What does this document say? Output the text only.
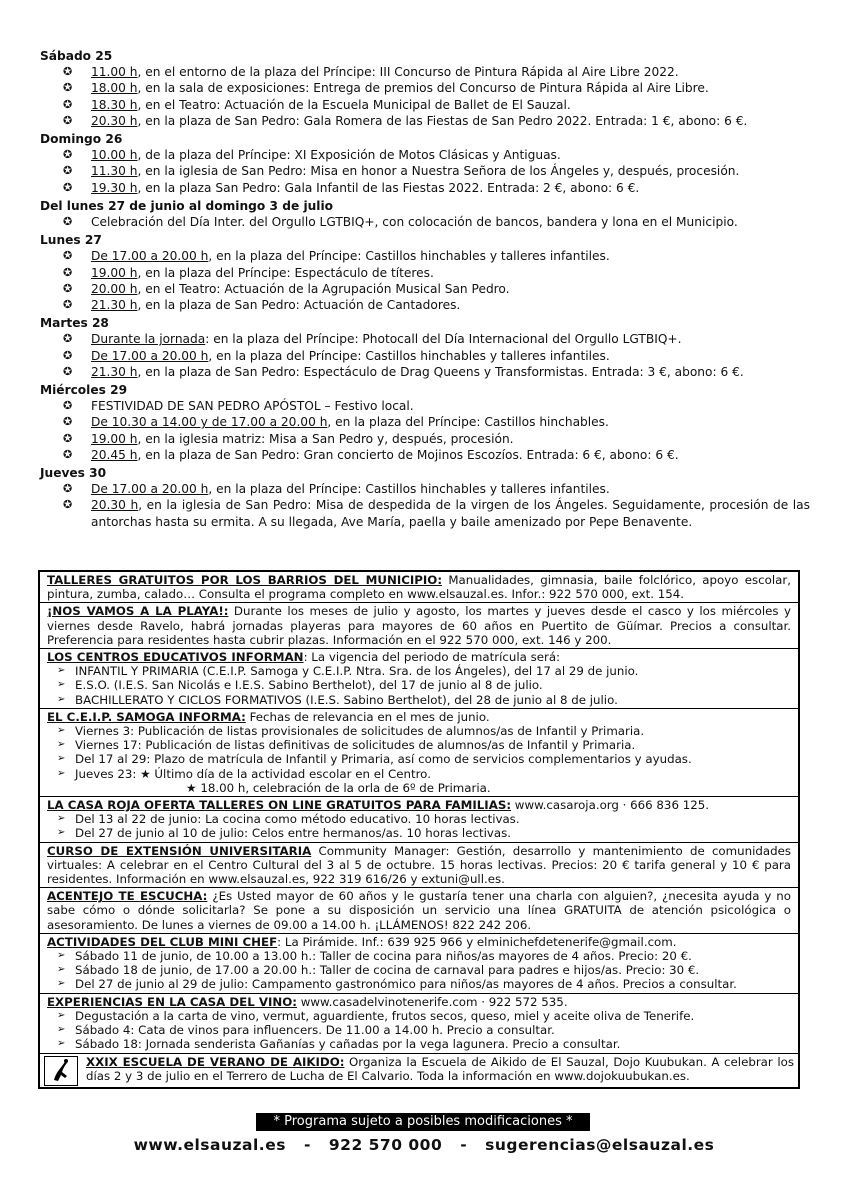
Sábado 25
✪ 11.00 h, en el entorno de la plaza del Príncipe: III Concurso de Pintura Rápida al Aire Libre 2022.
✪ 18.00 h, en la sala de exposiciones: Entrega de premios del Concurso de Pintura Rápida al Aire Libre.
✪ 18.30 h, en el Teatro: Actuación de la Escuela Municipal de Ballet de El Sauzal.
✪ 20.30 h, en la plaza de San Pedro: Gala Romera de las Fiestas de San Pedro 2022. Entrada: 1 €, abono: 6 €.
Domingo 26
✪ 10.00 h, de la plaza del Príncipe: XI Exposición de Motos Clásicas y Antiguas.
✪ 11.30 h, en la iglesia de San Pedro: Misa en honor a Nuestra Señora de los Ángeles y, después, procesión.
✪ 19.30 h, en la plaza San Pedro: Gala Infantil de las Fiestas 2022. Entrada: 2 €, abono: 6 €.
Del lunes 27 de junio al domingo 3 de julio
✪ Celebración del Día Inter. del Orgullo LGTBIQ+, con colocación de bancos, bandera y lona en el Municipio.
Lunes 27
✪ De 17.00 a 20.00 h, en la plaza del Príncipe: Castillos hinchables y talleres infantiles.
✪ 19.00 h, en la plaza del Príncipe: Espectáculo de títeres.
✪ 20.00 h, en el Teatro: Actuación de la Agrupación Musical San Pedro.
✪ 21.30 h, en la plaza de San Pedro: Actuación de Cantadores.
Martes 28
✪ Durante la jornada: en la plaza del Príncipe: Photocall del Día Internacional del Orgullo LGTBIQ+.
✪ De 17.00 a 20.00 h, en la plaza del Príncipe: Castillos hinchables y talleres infantiles.
✪ 21.30 h, en la plaza de San Pedro: Espectáculo de Drag Queens y Transformistas. Entrada: 3 €, abono: 6 €.
Miércoles 29
✪ FESTIVIDAD DE SAN PEDRO APÓSTOL – Festivo local.
✪ De 10.30 a 14.00 y de 17.00 a 20.00 h, en la plaza del Príncipe: Castillos hinchables.
✪ 19.00 h, en la iglesia matriz: Misa a San Pedro y, después, procesión.
✪ 20.45 h, en la plaza de San Pedro: Gran concierto de Mojinos Escozíos. Entrada: 6 €, abono: 6 €.
Jueves 30
✪ De 17.00 a 20.00 h, en la plaza del Príncipe: Castillos hinchables y talleres infantiles.
✪ 20.30 h, en la iglesia de San Pedro: Misa de despedida de la virgen de los Ángeles. Seguidamente, procesión de las antorchas hasta su ermita. A su llegada, Ave María, paella y baile amenizado por Pepe Benavente.
TALLERES GRATUITOS POR LOS BARRIOS DEL MUNICIPIO: Manualidades, gimnasia, baile folclórico, apoyo escolar, pintura, zumba, calado… Consulta el programa completo en www.elsauzal.es. Infor.: 922 570 000, ext. 154.
¡NOS VAMOS A LA PLAYA!: Durante los meses de julio y agosto, los martes y jueves desde el casco y los miércoles y viernes desde Ravelo, habrá jornadas playeras para mayores de 60 años en Puertito de Güímar. Precios a consultar. Preferencia para residentes hasta cubrir plazas. Información en el 922 570 000, ext. 146 y 200.
LOS CENTROS EDUCATIVOS INFORMAN: La vigencia del periodo de matrícula será:
➢ INFANTIL Y PRIMARIA (C.E.I.P. Samoga y C.E.I.P. Ntra. Sra. de los Ángeles), del 17 al 29 de junio.
➢ E.S.O. (I.E.S. San Nicolás e I.E.S. Sabino Berthelot), del 17 de junio al 8 de julio.
➢ BACHILLERATO Y CICLOS FORMATIVOS (I.E.S. Sabino Berthelot), del 28 de junio al 8 de julio.
EL C.E.I.P. SAMOGA INFORMA: Fechas de relevancia en el mes de junio.
➢ Viernes 3: Publicación de listas provisionales de solicitudes de alumnos/as de Infantil y Primaria.
➢ Viernes 17: Publicación de listas definitivas de solicitudes de alumnos/as de Infantil y Primaria.
➢ Del 17 al 29: Plazo de matrícula de Infantil y Primaria, así como de servicios complementarios y ayudas.
➢ Jueves 23: ★ Último día de la actividad escolar en el Centro.
★ 18.00 h, celebración de la orla de 6º de Primaria.
LA CASA ROJA OFERTA TALLERES ON LINE GRATUITOS PARA FAMILIAS: www.casaroja.org · 666 836 125.
➢ Del 13 al 22 de junio: La cocina como método educativo. 10 horas lectivas.
➢ Del 27 de junio al 10 de julio: Celos entre hermanos/as. 10 horas lectivas.
CURSO DE EXTENSIÓN UNIVERSITARIA Community Manager: Gestión, desarrollo y mantenimiento de comunidades virtuales: A celebrar en el Centro Cultural del 3 al 5 de octubre. 15 horas lectivas. Precios: 20 € tarifa general y 10 € para residentes. Información en www.elsauzal.es, 922 319 616/26 y extuni@ull.es.
ACENTEJO TE ESCUCHA: ¿Es Usted mayor de 60 años y le gustaría tener una charla con alguien?, ¿necesita ayuda y no sabe cómo o dónde solicitarla? Se pone a su disposición un servicio una línea GRATUITA de atención psicológica o asesoramiento. De lunes a viernes de 09.00 a 14.00 h. ¡LLÁMENOS! 822 242 206.
ACTIVIDADES DEL CLUB MINI CHEF: La Pirámide. Inf.: 639 925 966 y elminichefdetenerife@gmail.com.
➢ Sábado 11 de junio, de 10.00 a 13.00 h.: Taller de cocina para niños/as mayores de 4 años. Precio: 20 €.
➢ Sábado 18 de junio, de 17.00 a 20.00 h.: Taller de cocina de carnaval para padres e hijos/as. Precio: 30 €.
➢ Del 27 de junio al 29 de julio: Campamento gastronómico para niños/as mayores de 4 años. Precios a consultar.
EXPERIENCIAS EN LA CASA DEL VINO: www.casadelvinotenerife.com · 922 572 535.
➢ Degustación a la carta de vino, vermut, aguardiente, frutos secos, queso, miel y aceite oliva de Tenerife.
➢ Sábado 4: Cata de vinos para influencers. De 11.00 a 14.00 h. Precio a consultar.
➢ Sábado 18: Jornada senderista Gañanías y cañadas por la vega lagunera. Precio a consultar.
XXIX ESCUELA DE VERANO DE AIKIDO: Organiza la Escuela de Aikido de El Sauzal, Dojo Kuubukan. A celebrar los días 2 y 3 de julio en el Terrero de Lucha de El Calvario. Toda la información en www.dojokuubukan.es.
* Programa sujeto a posibles modificaciones *
www.elsauzal.es - 922 570 000 - sugerencias@elsauzal.es
